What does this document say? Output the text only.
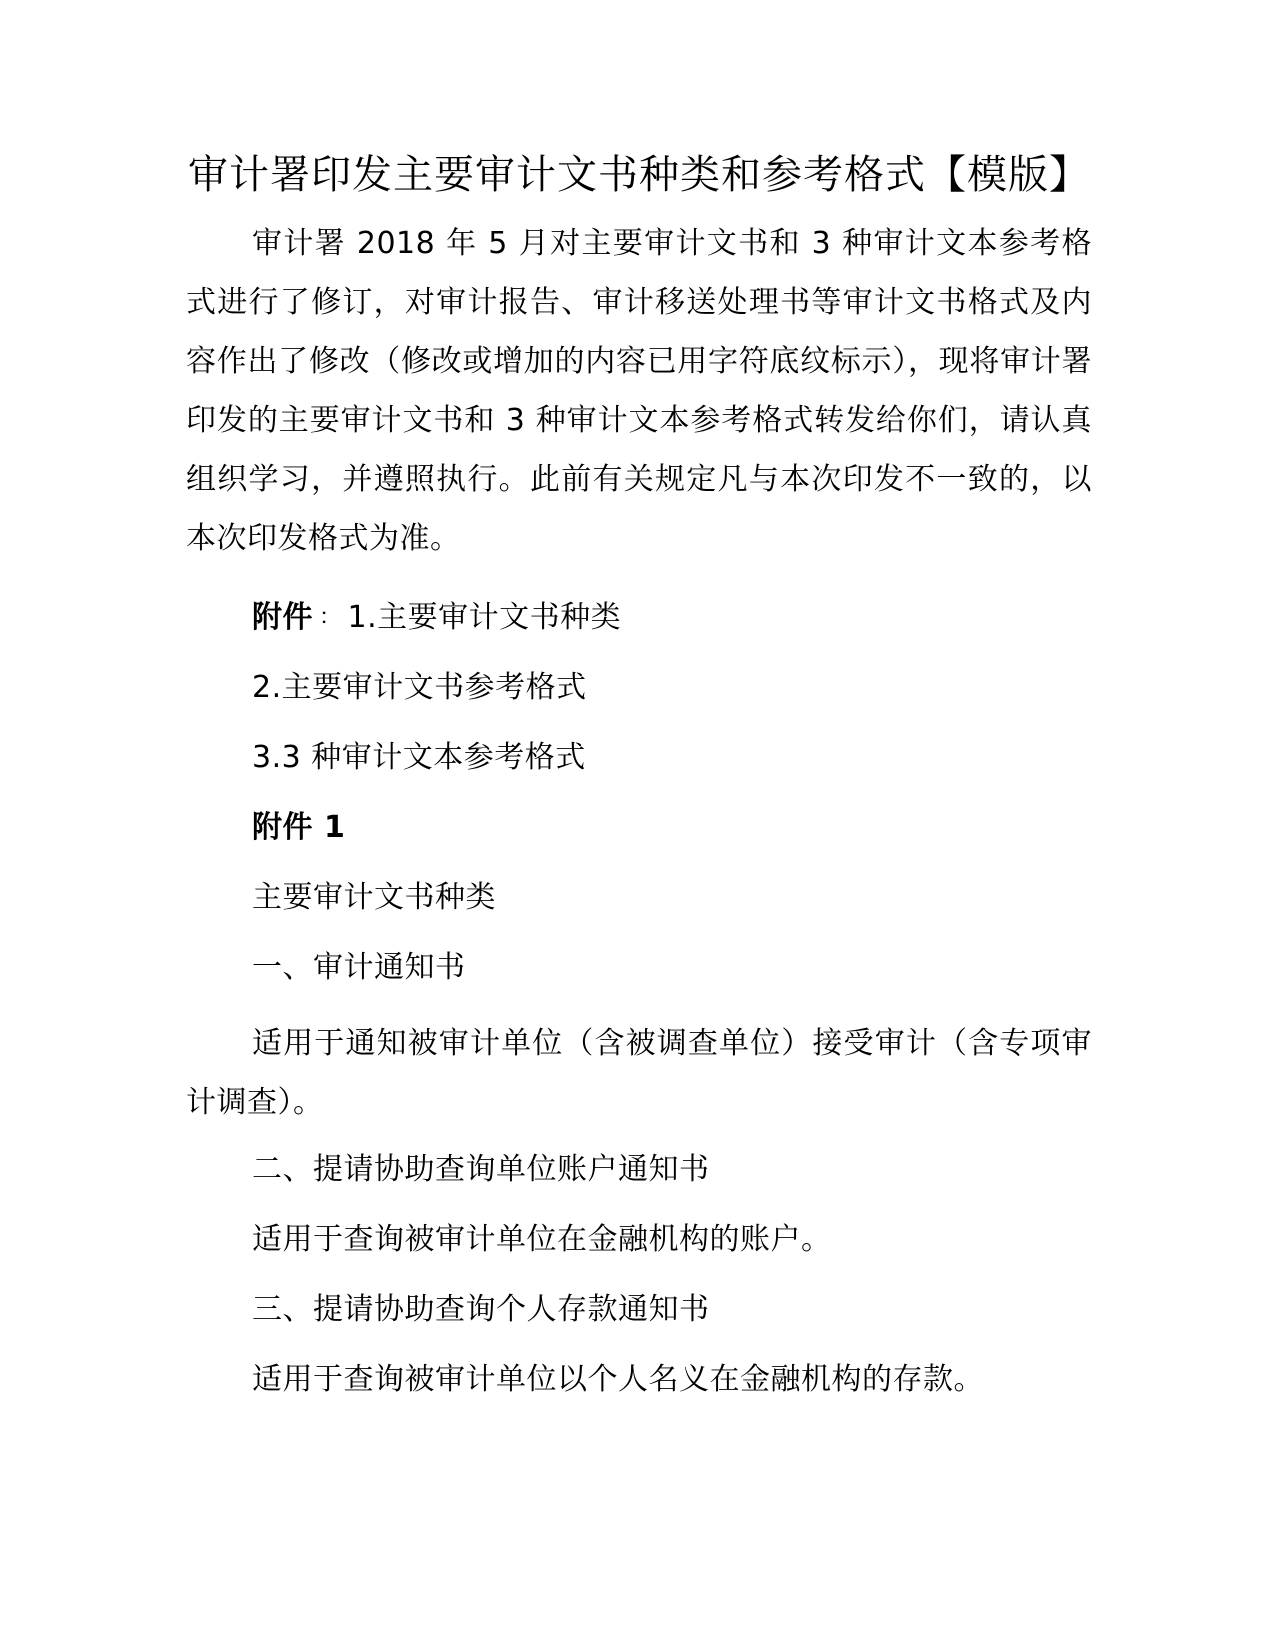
审计署印发主要审计文书种类和参考格式【模版】

审计署 2018 年 5 月对主要审计文书和 3 种审计文本参考格式进行了修订，对审计报告、审计移送处理书等审计文书格式及内容作出了修改（修改或增加的内容已用字符底纹标示），现将审计署印发的主要审计文书和 3 种审计文本参考格式转发给你们，请认真组织学习，并遵照执行。此前有关规定凡与本次印发不一致的，以本次印发格式为准。

附件 ： 1.主要审计文书种类

2.主要审计文书参考格式

3.3 种审计文本参考格式

附件 1

主要审计文书种类

一、审计通知书

适用于通知被审计单位（含被调查单位）接受审计（含专项审计调查）。

二、提请协助查询单位账户通知书

适用于查询被审计单位在金融机构的账户。

三、提请协助查询个人存款通知书

适用于查询被审计单位以个人名义在金融机构的存款。
